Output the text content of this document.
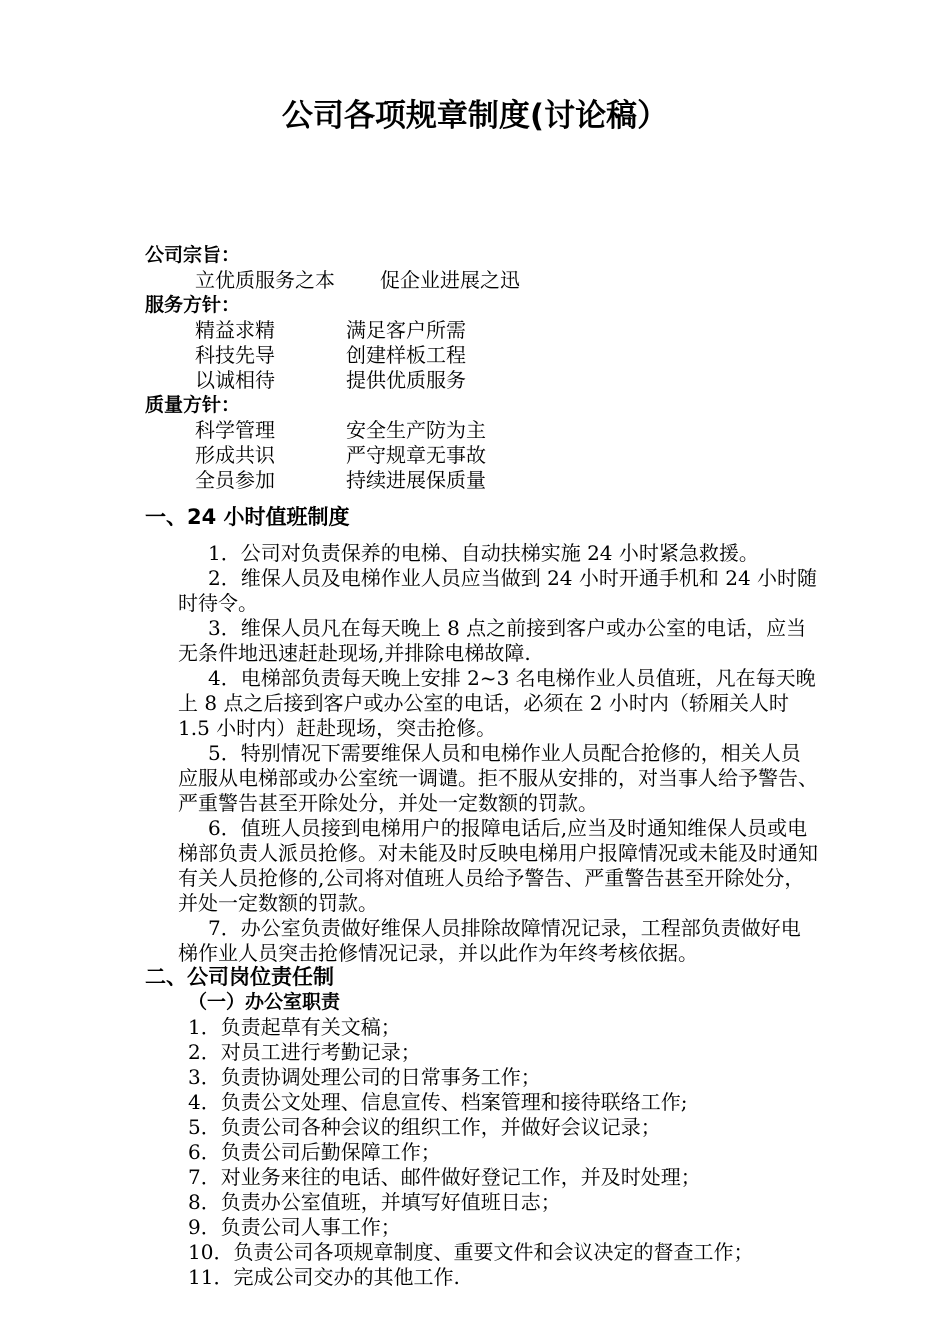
公司各项规章制度(讨论稿）
公司宗旨：
立优质服务之本 促企业进展之迅
服务方针：
精益求精	满足客户所需
科技先导	创建样板工程
以诚相待	提供优质服务
质量方针：
科学管理	安全生产防为主
形成共识	严守规章无事故
全员参加	持续进展保质量
一、24 小时值班制度

1．公司对负责保养的电梯、自动扶梯实施 24 小时紧急救援。

2．维保人员及电梯作业人员应当做到 24 小时开通手机和 24 小时随时待令。

3．维保人员凡在每天晚上 8 点之前接到客户或办公室的电话，应当无条件地迅速赶赴现场,并排除电梯故障.

4．电梯部负责每天晚上安排 2~3 名电梯作业人员值班，凡在每天晚上 8 点之后接到客户或办公室的电话，必须在 2 小时内（轿厢关人时 1.5 小时内）赶赴现场，突击抢修。

5．特别情况下需要维保人员和电梯作业人员配合抢修的，相关人员应服从电梯部或办公室统一调谴。拒不服从安排的，对当事人给予警告、严重警告甚至开除处分，并处一定数额的罚款。

6．值班人员接到电梯用户的报障电话后,应当及时通知维保人员或电梯部负责人派员抢修。对未能及时反映电梯用户报障情况或未能及时通知有关人员抢修的,公司将对值班人员给予警告、严重警告甚至开除处分，并处一定数额的罚款。

7．办公室负责做好维保人员排除故障情况记录，工程部负责做好电梯作业人员突击抢修情况记录，并以此作为年终考核依据。

二、公司岗位责任制
（一）办公室职责
1．负责起草有关文稿；
2．对员工进行考勤记录；
3．负责协调处理公司的日常事务工作；
4．负责公文处理、信息宣传、档案管理和接待联络工作;
5．负责公司各种会议的组织工作，并做好会议记录；
6．负责公司后勤保障工作；
7．对业务来往的电话、邮件做好登记工作，并及时处理；
8．负责办公室值班，并填写好值班日志；
9．负责公司人事工作；
10．负责公司各项规章制度、重要文件和会议决定的督查工作；
11．完成公司交办的其他工作.
